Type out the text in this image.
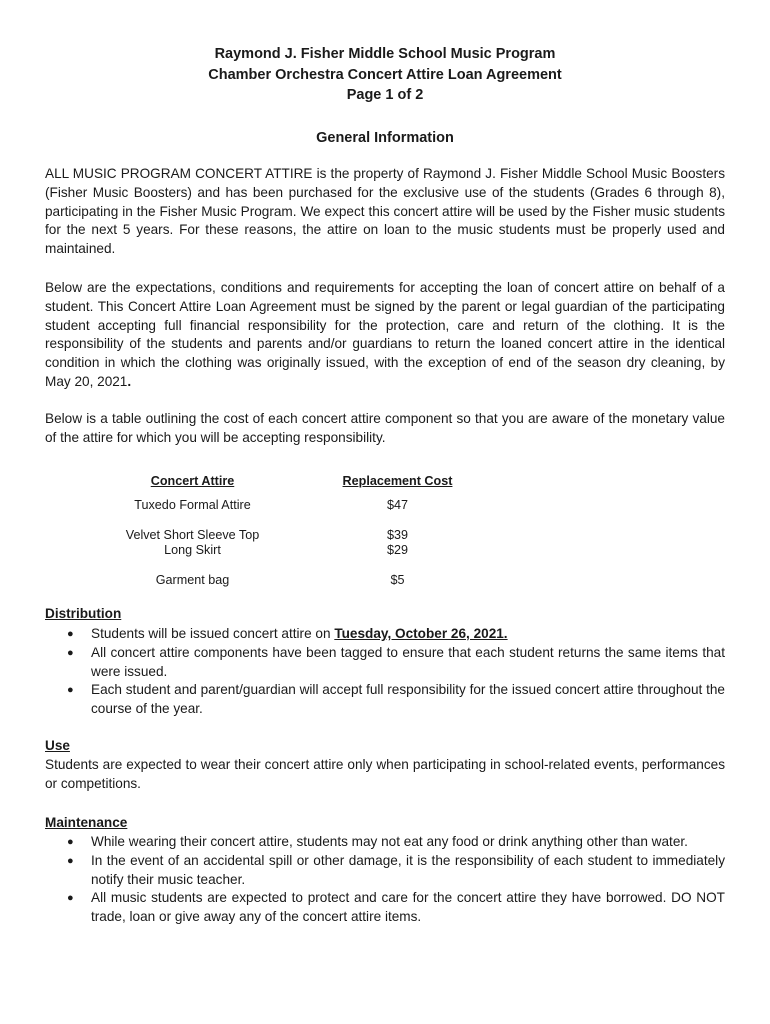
Raymond J. Fisher Middle School Music Program
Chamber Orchestra Concert Attire Loan Agreement
Page 1 of 2
General Information

ALL MUSIC PROGRAM CONCERT ATTIRE is the property of Raymond J. Fisher Middle School Music Boosters (Fisher Music Boosters) and has been purchased for the exclusive use of the students (Grades 6 through 8), participating in the Fisher Music Program. We expect this concert attire will be used by the Fisher music students for the next 5 years. For these reasons, the attire on loan to the music students must be properly used and maintained.

Below are the expectations, conditions and requirements for accepting the loan of concert attire on behalf of a student. This Concert Attire Loan Agreement must be signed by the parent or legal guardian of the participating student accepting full financial responsibility for the protection, care and return of the clothing. It is the responsibility of the students and parents and/or guardians to return the loaned concert attire in the identical condition in which the clothing was originally issued, with the exception of end of the season dry cleaning, by May 20, 2021.

Below is a table outlining the cost of each concert attire component so that you are aware of the monetary value of the attire for which you will be accepting responsibility.

Concert Attire	Replacement Cost
Tuxedo Formal Attire	$47
Velvet Short Sleeve Top	$39
Long Skirt	$29
Garment bag	$5
Distribution
● Students will be issued concert attire on Tuesday, October 26, 2021.
● All concert attire components have been tagged to ensure that each student returns the same items that were issued.
● Each student and parent/guardian will accept full responsibility for the issued concert attire throughout the course of the year.
Use

Students are expected to wear their concert attire only when participating in school-related events, performances or competitions.

Maintenance
● While wearing their concert attire, students may not eat any food or drink anything other than water.
● In the event of an accidental spill or other damage, it is the responsibility of each student to immediately notify their music teacher.
● All music students are expected to protect and care for the concert attire they have borrowed. DO NOT trade, loan or give away any of the concert attire items.
